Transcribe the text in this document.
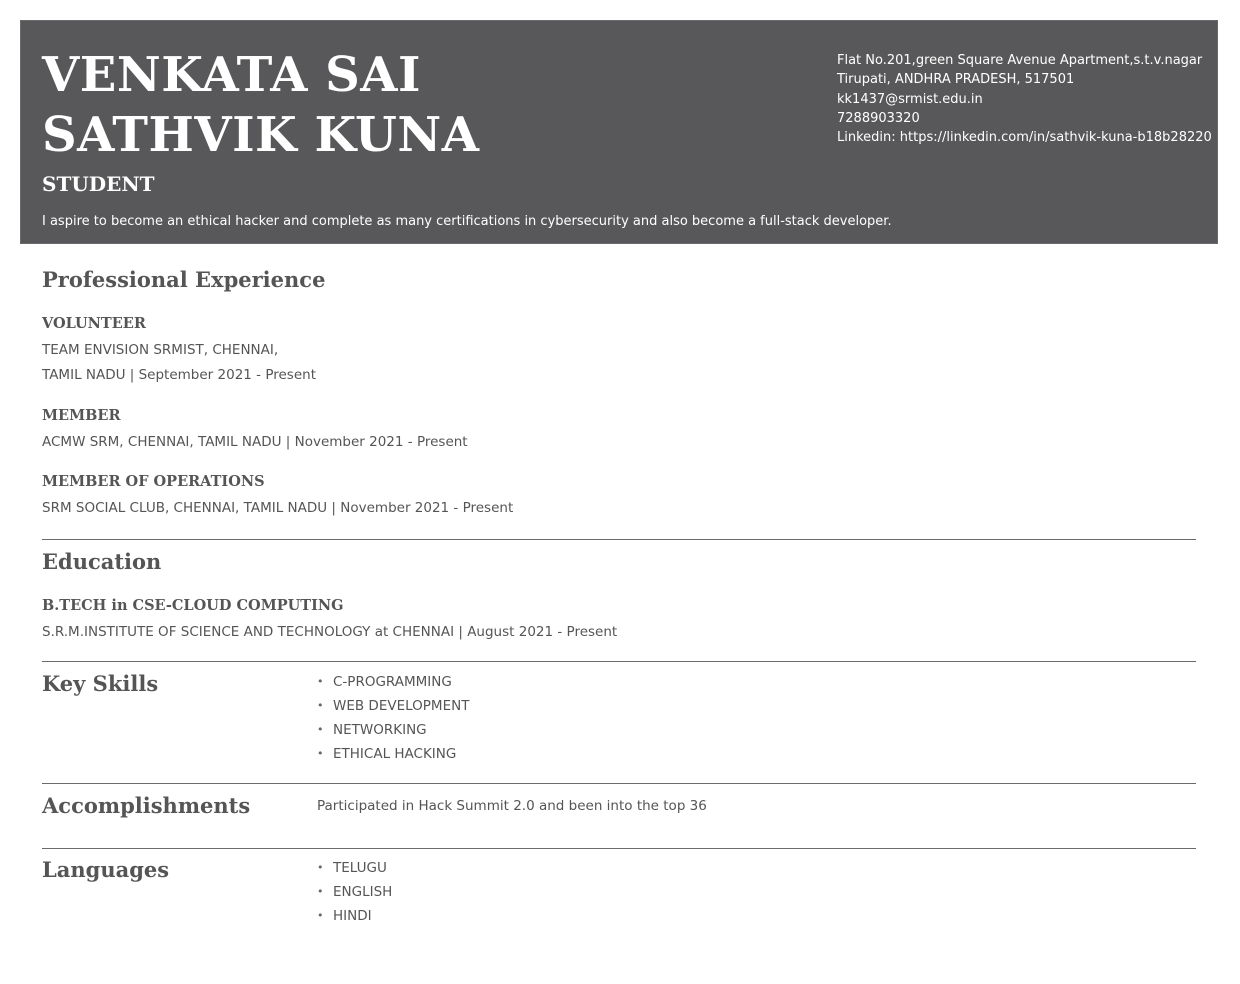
VENKATA SAI SATHVIK KUNA
STUDENT
I aspire to become an ethical hacker and complete as many certifications in cybersecurity and also become a full-stack developer.
Flat No.201,green Square Avenue Apartment,s.t.v.nagar
Tirupati, ANDHRA PRADESH, 517501
kk1437@srmist.edu.in
7288903320
Linkedin: https://linkedin.com/in/sathvik-kuna-b18b28220
Professional Experience
VOLUNTEER
TEAM ENVISION SRMIST, CHENNAI,
TAMIL NADU | September 2021 - Present
MEMBER
ACMW SRM, CHENNAI, TAMIL NADU | November 2021 - Present
MEMBER OF OPERATIONS
SRM SOCIAL CLUB, CHENNAI, TAMIL NADU | November 2021 - Present
Education
B.TECH in CSE-CLOUD COMPUTING
S.R.M.INSTITUTE OF SCIENCE AND TECHNOLOGY at CHENNAI | August 2021 - Present
Key Skills	• C-PROGRAMMING
• WEB DEVELOPMENT
• NETWORKING
• ETHICAL HACKING
Accomplishments	Participated in Hack Summit 2.0 and been into the top 36
Languages	• TELUGU
• ENGLISH
• HINDI
